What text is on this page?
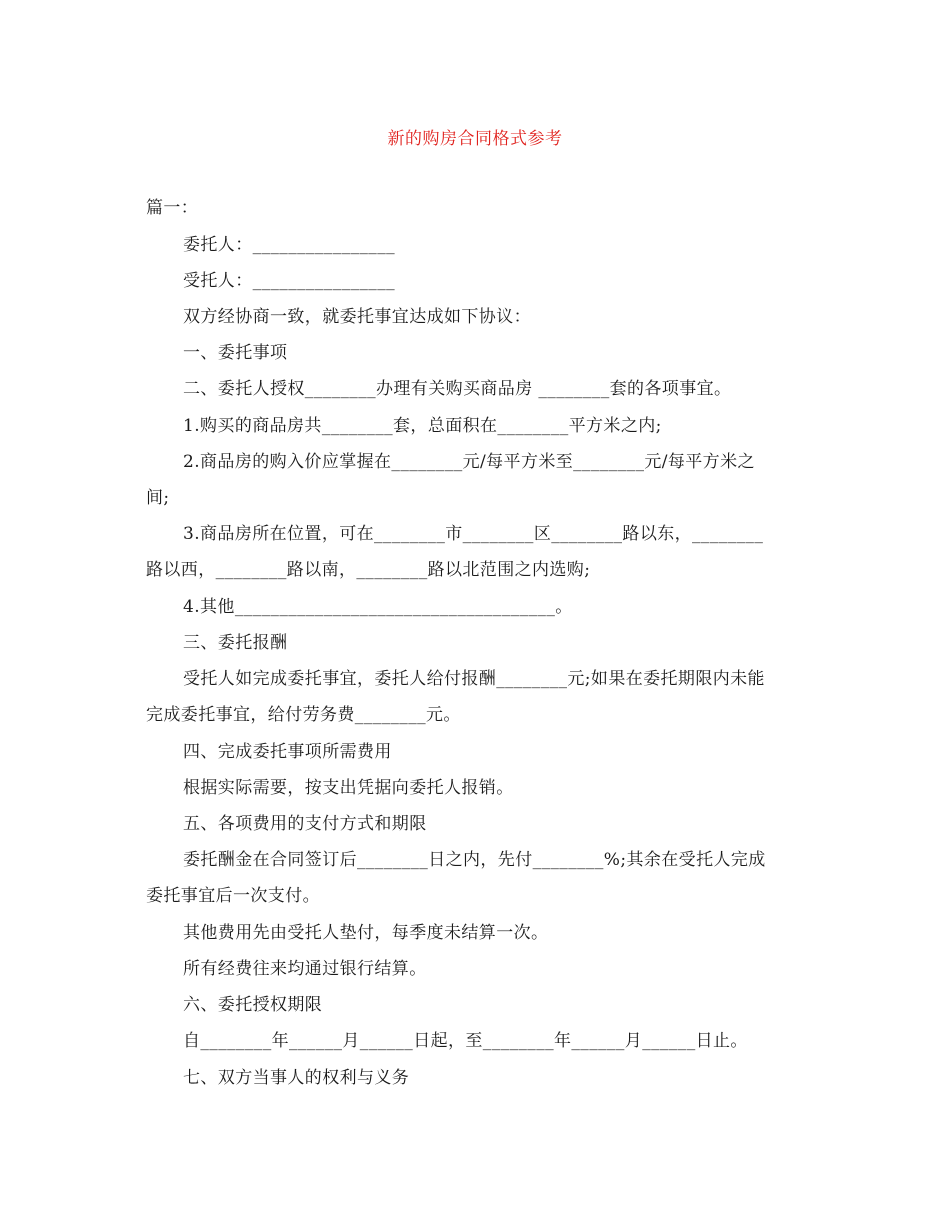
新的购房合同格式参考
篇一：
委托人：________________
受托人：________________
双方经协商一致，就委托事宜达成如下协议：
一、委托事项
二、委托人授权________办理有关购买商品房 ________套的各项事宜。
1.购买的商品房共________套，总面积在________平方米之内;
2.商品房的购入价应掌握在________元/每平方米至________元/每平方米之
间;
3.商品房所在位置，可在________市________区________路以东，________
路以西，________路以南，________路以北范围之内选购;
4.其他____________________________________。
三、委托报酬
受托人如完成委托事宜，委托人给付报酬________元;如果在委托期限内未能
完成委托事宜，给付劳务费________元。
四、完成委托事项所需费用
根据实际需要，按支出凭据向委托人报销。
五、各项费用的支付方式和期限
委托酬金在合同签订后________日之内，先付________%;其余在受托人完成
委托事宜后一次支付。
其他费用先由受托人垫付，每季度未结算一次。
所有经费往来均通过银行结算。
六、委托授权期限
自________年______月______日起，至________年______月______日止。
七、双方当事人的权利与义务
